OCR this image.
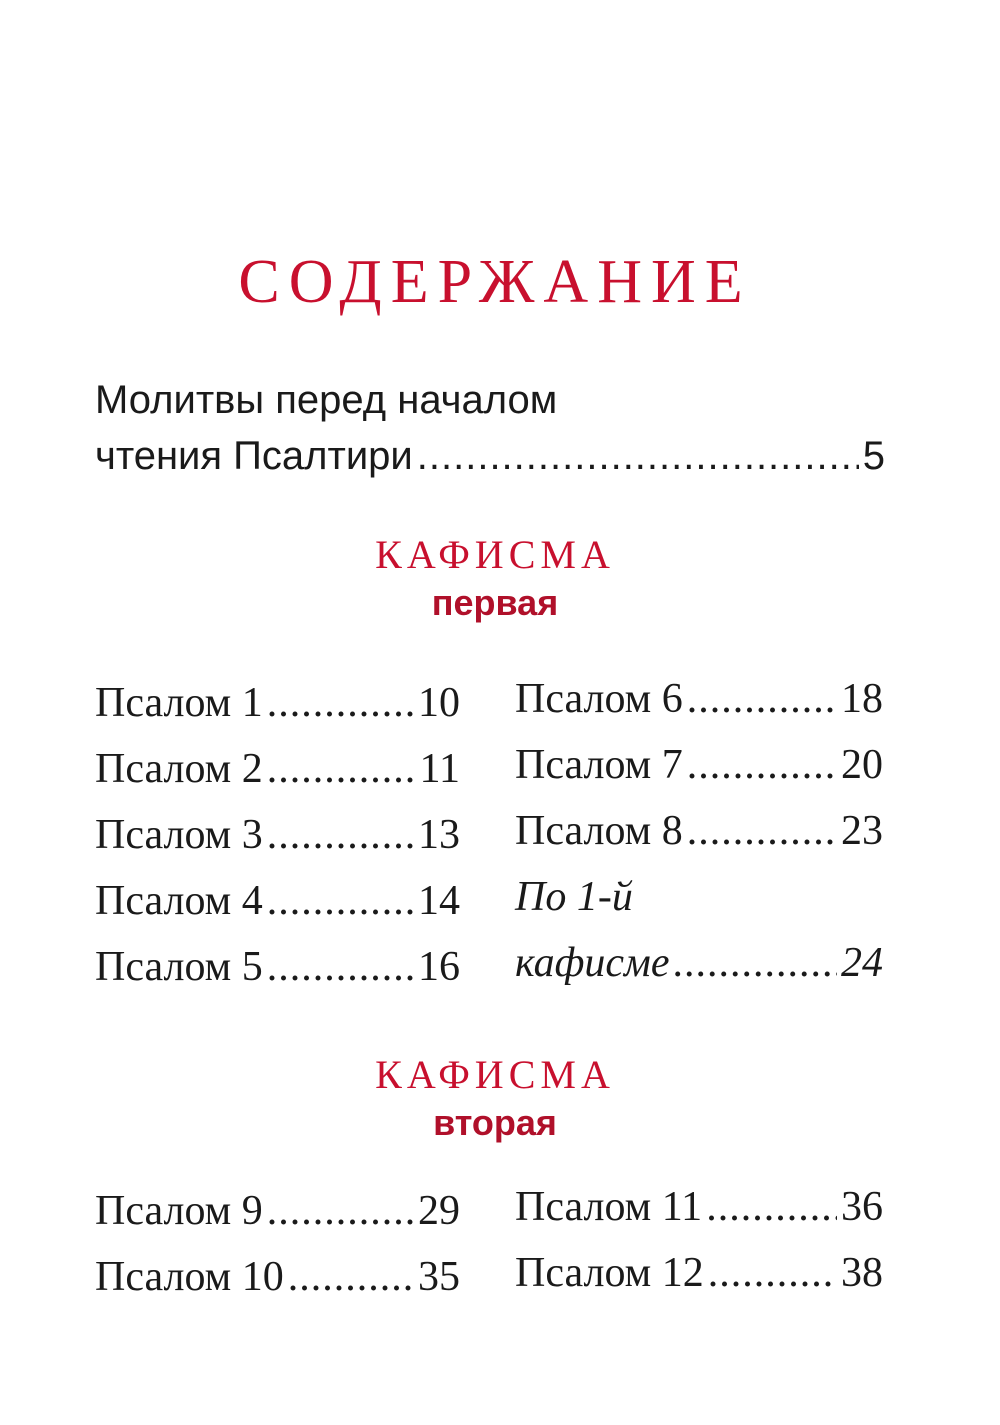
СОДЕРЖАНИЕ
Молитвы перед началом
чтения Псалтири .....	5
КАФИСМА
первая
Псалом 1 .....	10
Псалом 2 .....	11
Псалом 3 .....	13
Псалом 4 .....	14
Псалом 5 .....	16
Псалом 6 .....	18
Псалом 7 .....	20
Псалом 8 .....	23
По 1-й
кафисме .....	24
КАФИСМА
вторая
Псалом 9 .....	29
Псалом 10 .....	35
Псалом 11 .....	36
Псалом 12 .....	38
